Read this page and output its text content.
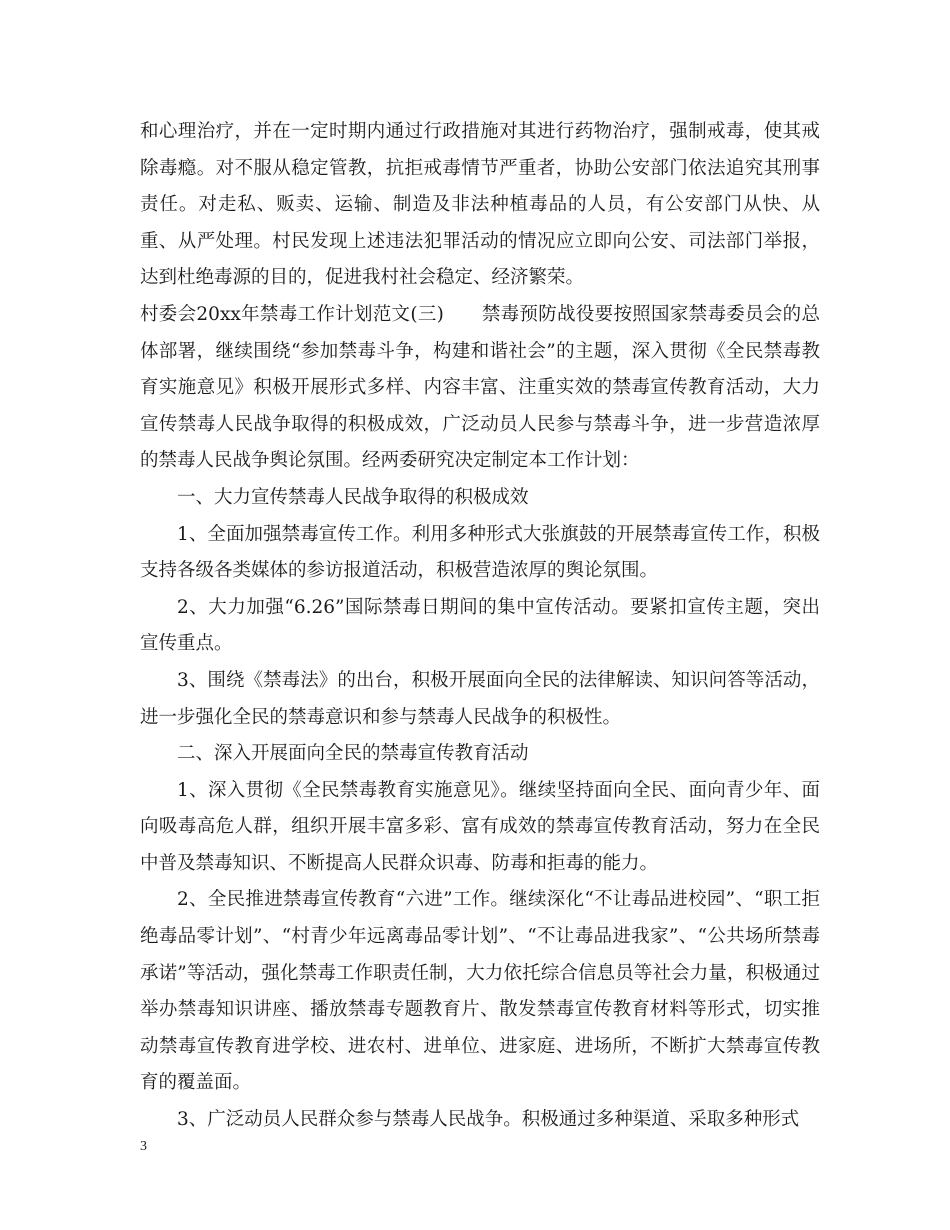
和心理治疗，并在一定时期内通过行政措施对其进行药物治疗，强制戒毒，使其戒除毒瘾。对不服从稳定管教，抗拒戒毒情节严重者，协助公安部门依法追究其刑事责任。对走私、贩卖、运输、制造及非法种植毒品的人员，有公安部门从快、从重、从严处理。村民发现上述违法犯罪活动的情况应立即向公安、司法部门举报，达到杜绝毒源的目的，促进我村社会稳定、经济繁荣。

村委会20xx年禁毒工作计划范文(三)　　禁毒预防战役要按照国家禁毒委员会的总体部署，继续围绕“参加禁毒斗争，构建和谐社会”的主题，深入贯彻《全民禁毒教育实施意见》积极开展形式多样、内容丰富、注重实效的禁毒宣传教育活动，大力宣传禁毒人民战争取得的积极成效，广泛动员人民参与禁毒斗争，进一步营造浓厚的禁毒人民战争舆论氛围。经两委研究决定制定本工作计划：

一、大力宣传禁毒人民战争取得的积极成效

1、全面加强禁毒宣传工作。利用多种形式大张旗鼓的开展禁毒宣传工作，积极支持各级各类媒体的参访报道活动，积极营造浓厚的舆论氛围。

2、大力加强“6.26”国际禁毒日期间的集中宣传活动。要紧扣宣传主题，突出宣传重点。

3、围绕《禁毒法》的出台，积极开展面向全民的法律解读、知识问答等活动，进一步强化全民的禁毒意识和参与禁毒人民战争的积极性。

二、深入开展面向全民的禁毒宣传教育活动

1、深入贯彻《全民禁毒教育实施意见》。继续坚持面向全民、面向青少年、面向吸毒高危人群，组织开展丰富多彩、富有成效的禁毒宣传教育活动，努力在全民中普及禁毒知识、不断提高人民群众识毒、防毒和拒毒的能力。

2、全民推进禁毒宣传教育“六进”工作。继续深化“不让毒品进校园”、“职工拒绝毒品零计划”、“村青少年远离毒品零计划”、“不让毒品进我家”、“公共场所禁毒承诺”等活动，强化禁毒工作职责任制，大力依托综合信息员等社会力量，积极通过举办禁毒知识讲座、播放禁毒专题教育片、散发禁毒宣传教育材料等形式，切实推动禁毒宣传教育进学校、进农村、进单位、进家庭、进场所，不断扩大禁毒宣传教育的覆盖面。

3、广泛动员人民群众参与禁毒人民战争。积极通过多种渠道、采取多种形式

3
